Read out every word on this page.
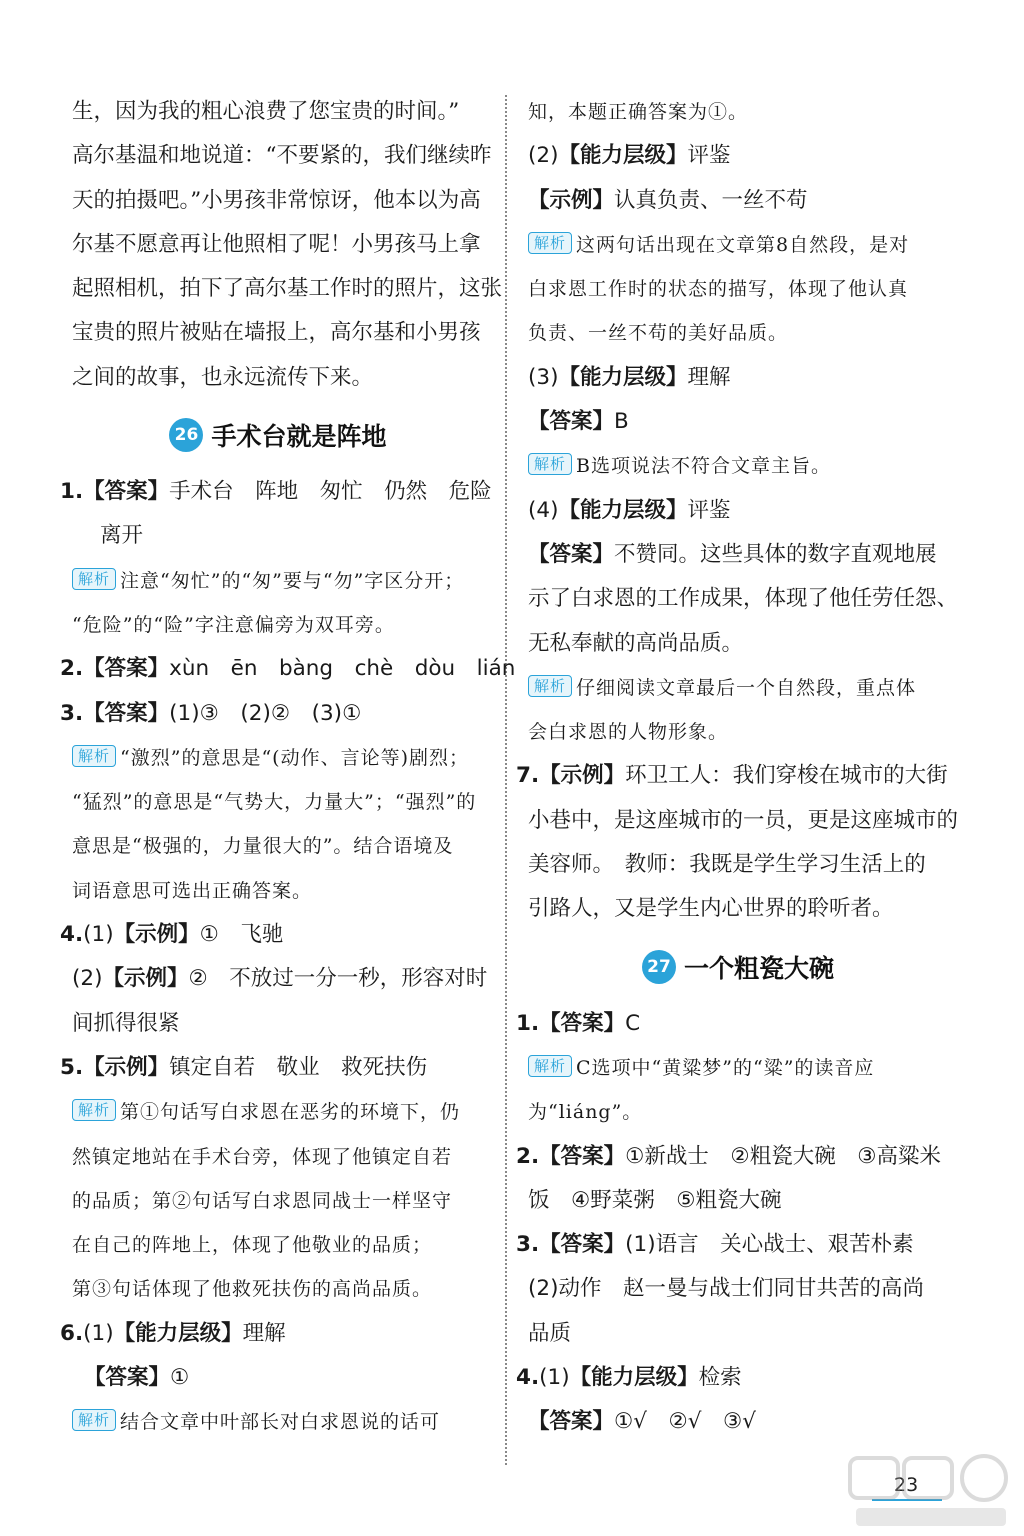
生，因为我的粗心浪费了您宝贵的时间。”
高尔基温和地说道：“不要紧的，我们继续昨
天的拍摄吧。”小男孩非常惊讶，他本以为高
尔基不愿意再让他照相了呢！小男孩马上拿
起照相机，拍下了高尔基工作时的照片，这张
宝贵的照片被贴在墙报上，高尔基和小男孩
之间的故事，也永远流传下来。
26 手术台就是阵地
1.【答案】手术台　阵地　匆忙　仍然　危险
离开
解析 注意“匆忙”的“匆”要与“勿”字区分开；
“危险”的“险”字注意偏旁为双耳旁。
2.【答案】xùn　ēn　bàng　chè　dòu　lián
3.【答案】(1)③　(2)②　(3)①
解析 “激烈”的意思是“(动作、言论等)剧烈；
“猛烈”的意思是“气势大，力量大”；“强烈”的
意思是“极强的，力量很大的”。结合语境及
词语意思可选出正确答案。
4.(1)【示例】①　飞驰
(2)【示例】②　不放过一分一秒，形容对时
间抓得很紧
5.【示例】镇定自若　敬业　救死扶伤
解析 第①句话写白求恩在恶劣的环境下，仍
然镇定地站在手术台旁，体现了他镇定自若
的品质；第②句话写白求恩同战士一样坚守
在自己的阵地上，体现了他敬业的品质；
第③句话体现了他救死扶伤的高尚品质。
6.(1)【能力层级】理解
【答案】①
解析 结合文章中叶部长对白求恩说的话可
知，本题正确答案为①。
(2)【能力层级】评鉴
【示例】认真负责、一丝不苟
解析 这两句话出现在文章第8自然段，是对
白求恩工作时的状态的描写，体现了他认真
负责、一丝不苟的美好品质。
(3)【能力层级】理解
【答案】B
解析 B选项说法不符合文章主旨。
(4)【能力层级】评鉴
【答案】不赞同。这些具体的数字直观地展
示了白求恩的工作成果，体现了他任劳任怨、
无私奉献的高尚品质。
解析 仔细阅读文章最后一个自然段，重点体
会白求恩的人物形象。
7.【示例】环卫工人：我们穿梭在城市的大街
小巷中，是这座城市的一员，更是这座城市的
美容师。　教师：我既是学生学习生活上的
引路人，又是学生内心世界的聆听者。
27 一个粗瓷大碗
1.【答案】C
解析 C选项中“黄粱梦”的“粱”的读音应
为“liáng”。
2.【答案】①新战士　②粗瓷大碗　③高粱米
饭　④野菜粥　⑤粗瓷大碗
3.【答案】(1)语言　关心战士、艰苦朴素
(2)动作　赵一曼与战士们同甘共苦的高尚
品质
4.(1)【能力层级】检索
【答案】①√　②√　③√
23
